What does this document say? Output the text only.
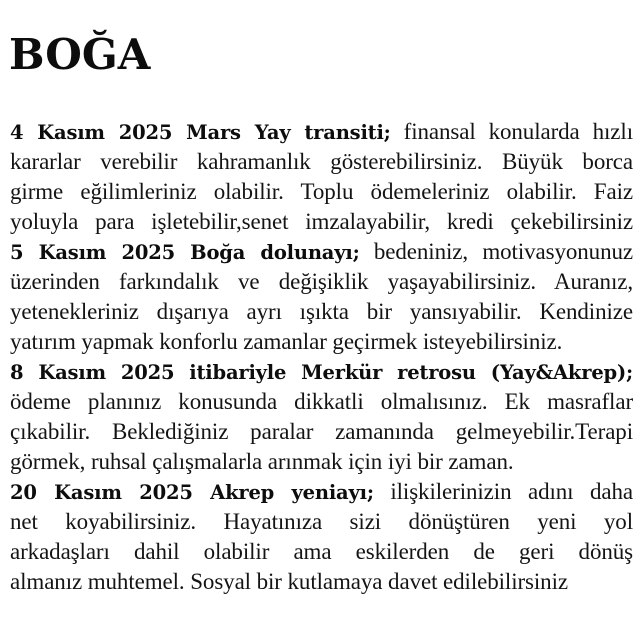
BOĞA
4 Kasım 2025 Mars Yay transiti; finansal konularda hızlı
kararlar verebilir kahramanlık gösterebilirsiniz. Büyük borca
girme eğilimleriniz olabilir. Toplu ödemeleriniz olabilir. Faiz
yoluyla para işletebilir,senet imzalayabilir, kredi çekebilirsiniz
5 Kasım 2025 Boğa dolunayı; bedeniniz, motivasyonunuz
üzerinden farkındalık ve değişiklik yaşayabilirsiniz. Auranız,
yetenekleriniz dışarıya ayrı ışıkta bir yansıyabilir. Kendinize
yatırım yapmak konforlu zamanlar geçirmek isteyebilirsiniz.
8 Kasım 2025 itibariyle Merkür retrosu (Yay&Akrep);
ödeme planınız konusunda dikkatli olmalısınız. Ek masraflar
çıkabilir. Beklediğiniz paralar zamanında gelmeyebilir.Terapi
görmek, ruhsal çalışmalarla arınmak için iyi bir zaman.
20 Kasım 2025 Akrep yeniayı; ilişkilerinizin adını daha
net koyabilirsiniz. Hayatınıza sizi dönüştüren yeni yol
arkadaşları dahil olabilir ama eskilerden de geri dönüş
almanız muhtemel. Sosyal bir kutlamaya davet edilebilirsiniz
